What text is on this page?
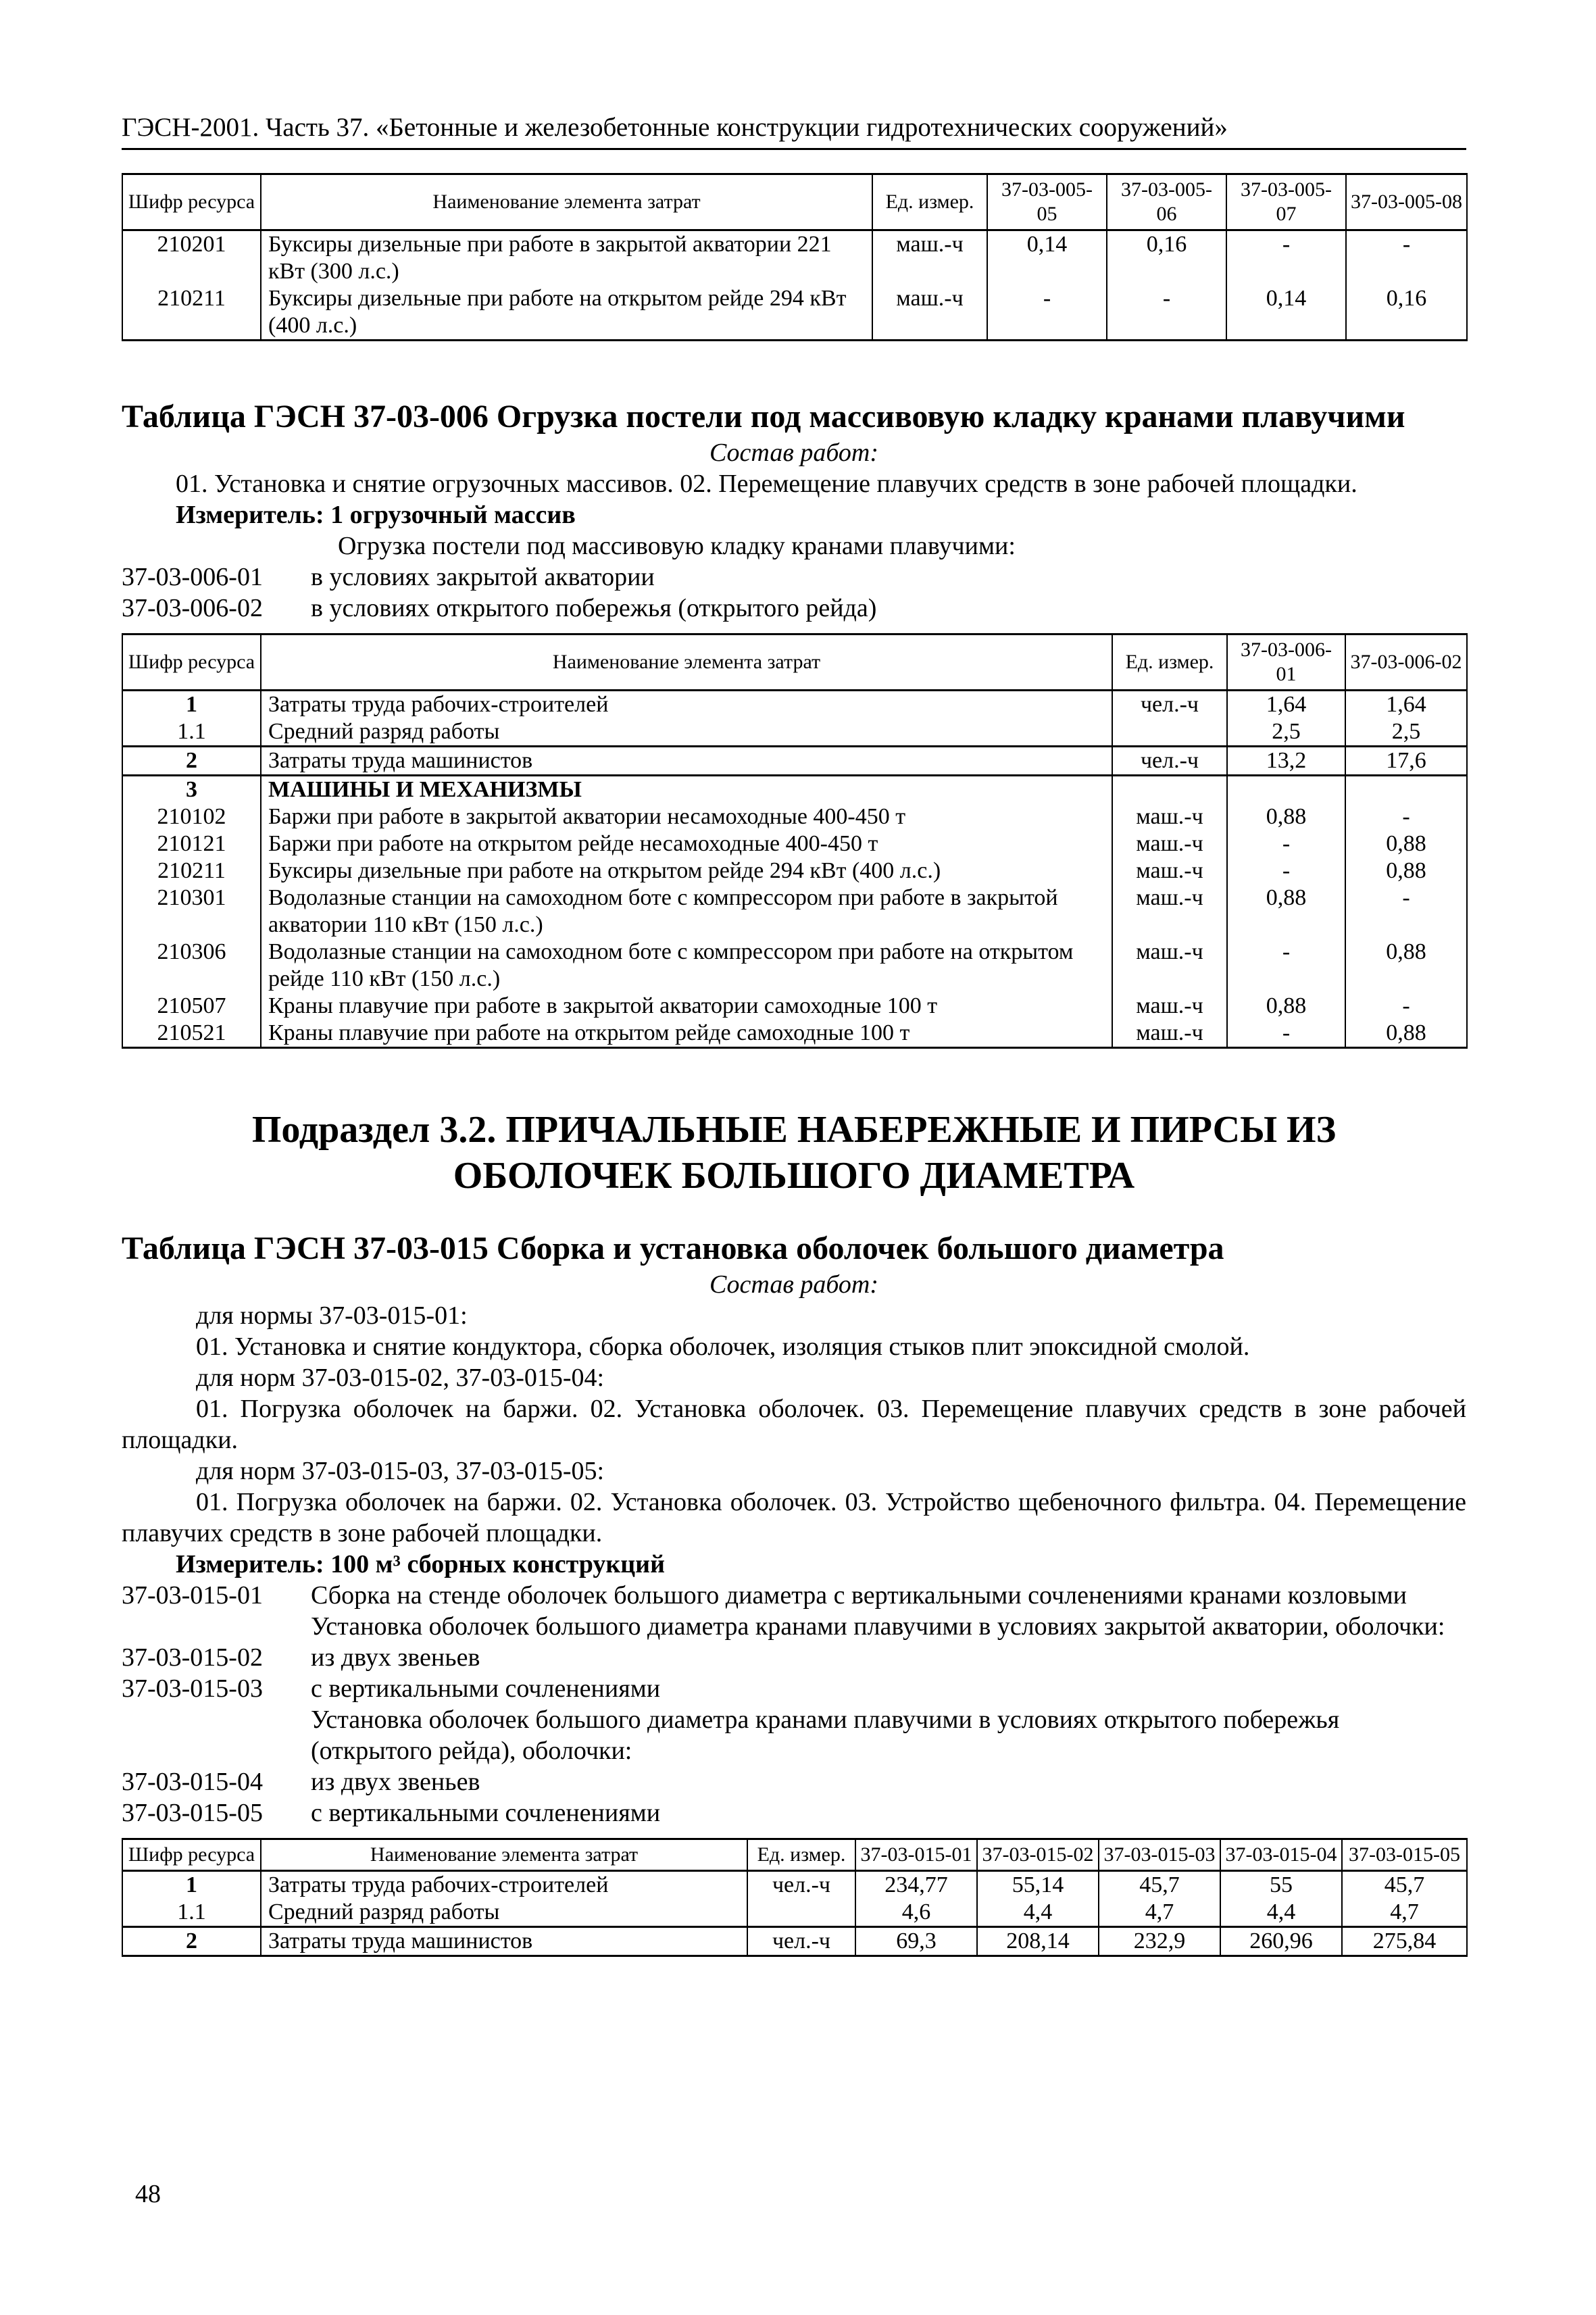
ГЭСН-2001. Часть 37. «Бетонные и железобетонные конструкции гидротехнических сооружений»
Шифр ресурса	Наименование элемента затрат	Ед. измер.	37-03-005-05	37-03-005-06	37-03-005-07	37-03-005-08
210201	Буксиры дизельные при работе в закрытой акватории 221 кВт (300 л.с.)	маш.-ч	0,14	0,16	-	-
210211	Буксиры дизельные при работе на открытом рейде 294 кВт (400 л.с.)	маш.-ч	-	-	0,14	0,16
Таблица ГЭСН 37-03-006 Огрузка постели под массивовую кладку кранами плавучими
Состав работ:

01. Установка и снятие огрузочных массивов. 02. Перемещение плавучих средств в зоне рабочей площадки.

Измеритель: 1 огрузочный массив
Огрузка постели под массивовую кладку кранами плавучими:
37-03-006-01	в условиях закрытой акватории
37-03-006-02	в условиях открытого побережья (открытого рейда)
Шифр ресурса	Наименование элемента затрат	Ед. измер.	37-03-006-01	37-03-006-02
1	Затраты труда рабочих-строителей	чел.-ч	1,64	1,64
1.1	Средний разряд работы		2,5	2,5
2	Затраты труда машинистов	чел.-ч	13,2	17,6
3	МАШИНЫ И МЕХАНИЗМЫ			
210102	Баржи при работе в закрытой акватории несамоходные 400-450 т	маш.-ч	0,88	-
210121	Баржи при работе на открытом рейде несамоходные 400-450 т	маш.-ч	-	0,88
210211	Буксиры дизельные при работе на открытом рейде 294 кВт (400 л.с.)	маш.-ч	-	0,88
210301	Водолазные станции на самоходном боте с компрессором при работе в закрытой акватории 110 кВт (150 л.с.)	маш.-ч	0,88	-
210306	Водолазные станции на самоходном боте с компрессором при работе на открытом рейде 110 кВт (150 л.с.)	маш.-ч	-	0,88
210507	Краны плавучие при работе в закрытой акватории самоходные 100 т	маш.-ч	0,88	-
210521	Краны плавучие при работе на открытом рейде самоходные 100 т	маш.-ч	-	0,88
Подраздел 3.2. ПРИЧАЛЬНЫЕ НАБЕРЕЖНЫЕ И ПИРСЫ ИЗ
ОБОЛОЧЕК БОЛЬШОГО ДИАМЕТРА
Таблица ГЭСН 37-03-015 Сборка и установка оболочек большого диаметра
Состав работ:

для нормы 37-03-015-01:

01. Установка и снятие кондуктора, сборка оболочек, изоляция стыков плит эпоксидной смолой.

для норм 37-03-015-02, 37-03-015-04:

01. Погрузка оболочек на баржи. 02. Установка оболочек. 03. Перемещение плавучих средств в зоне рабочей площадки.

для норм 37-03-015-03, 37-03-015-05:

01. Погрузка оболочек на баржи. 02. Установка оболочек. 03. Устройство щебеночного фильтра. 04. Перемещение плавучих средств в зоне рабочей площадки.

Измеритель: 100 м³ сборных конструкций
37-03-015-01	Сборка на стенде оболочек большого диаметра с вертикальными сочленениями кранами козловыми
Установка оболочек большого диаметра кранами плавучими в условиях закрытой акватории, оболочки:
37-03-015-02	из двух звеньев
37-03-015-03	с вертикальными сочленениями
Установка оболочек большого диаметра кранами плавучими в условиях открытого побережья (открытого рейда), оболочки:
37-03-015-04	из двух звеньев
37-03-015-05	с вертикальными сочленениями
Шифр ресурса	Наименование элемента затрат	Ед. измер.	37-03-015-01	37-03-015-02	37-03-015-03	37-03-015-04	37-03-015-05
1	Затраты труда рабочих-строителей	чел.-ч	234,77	55,14	45,7	55	45,7
1.1	Средний разряд работы		4,6	4,4	4,7	4,4	4,7
2	Затраты труда машинистов	чел.-ч	69,3	208,14	232,9	260,96	275,84
48
